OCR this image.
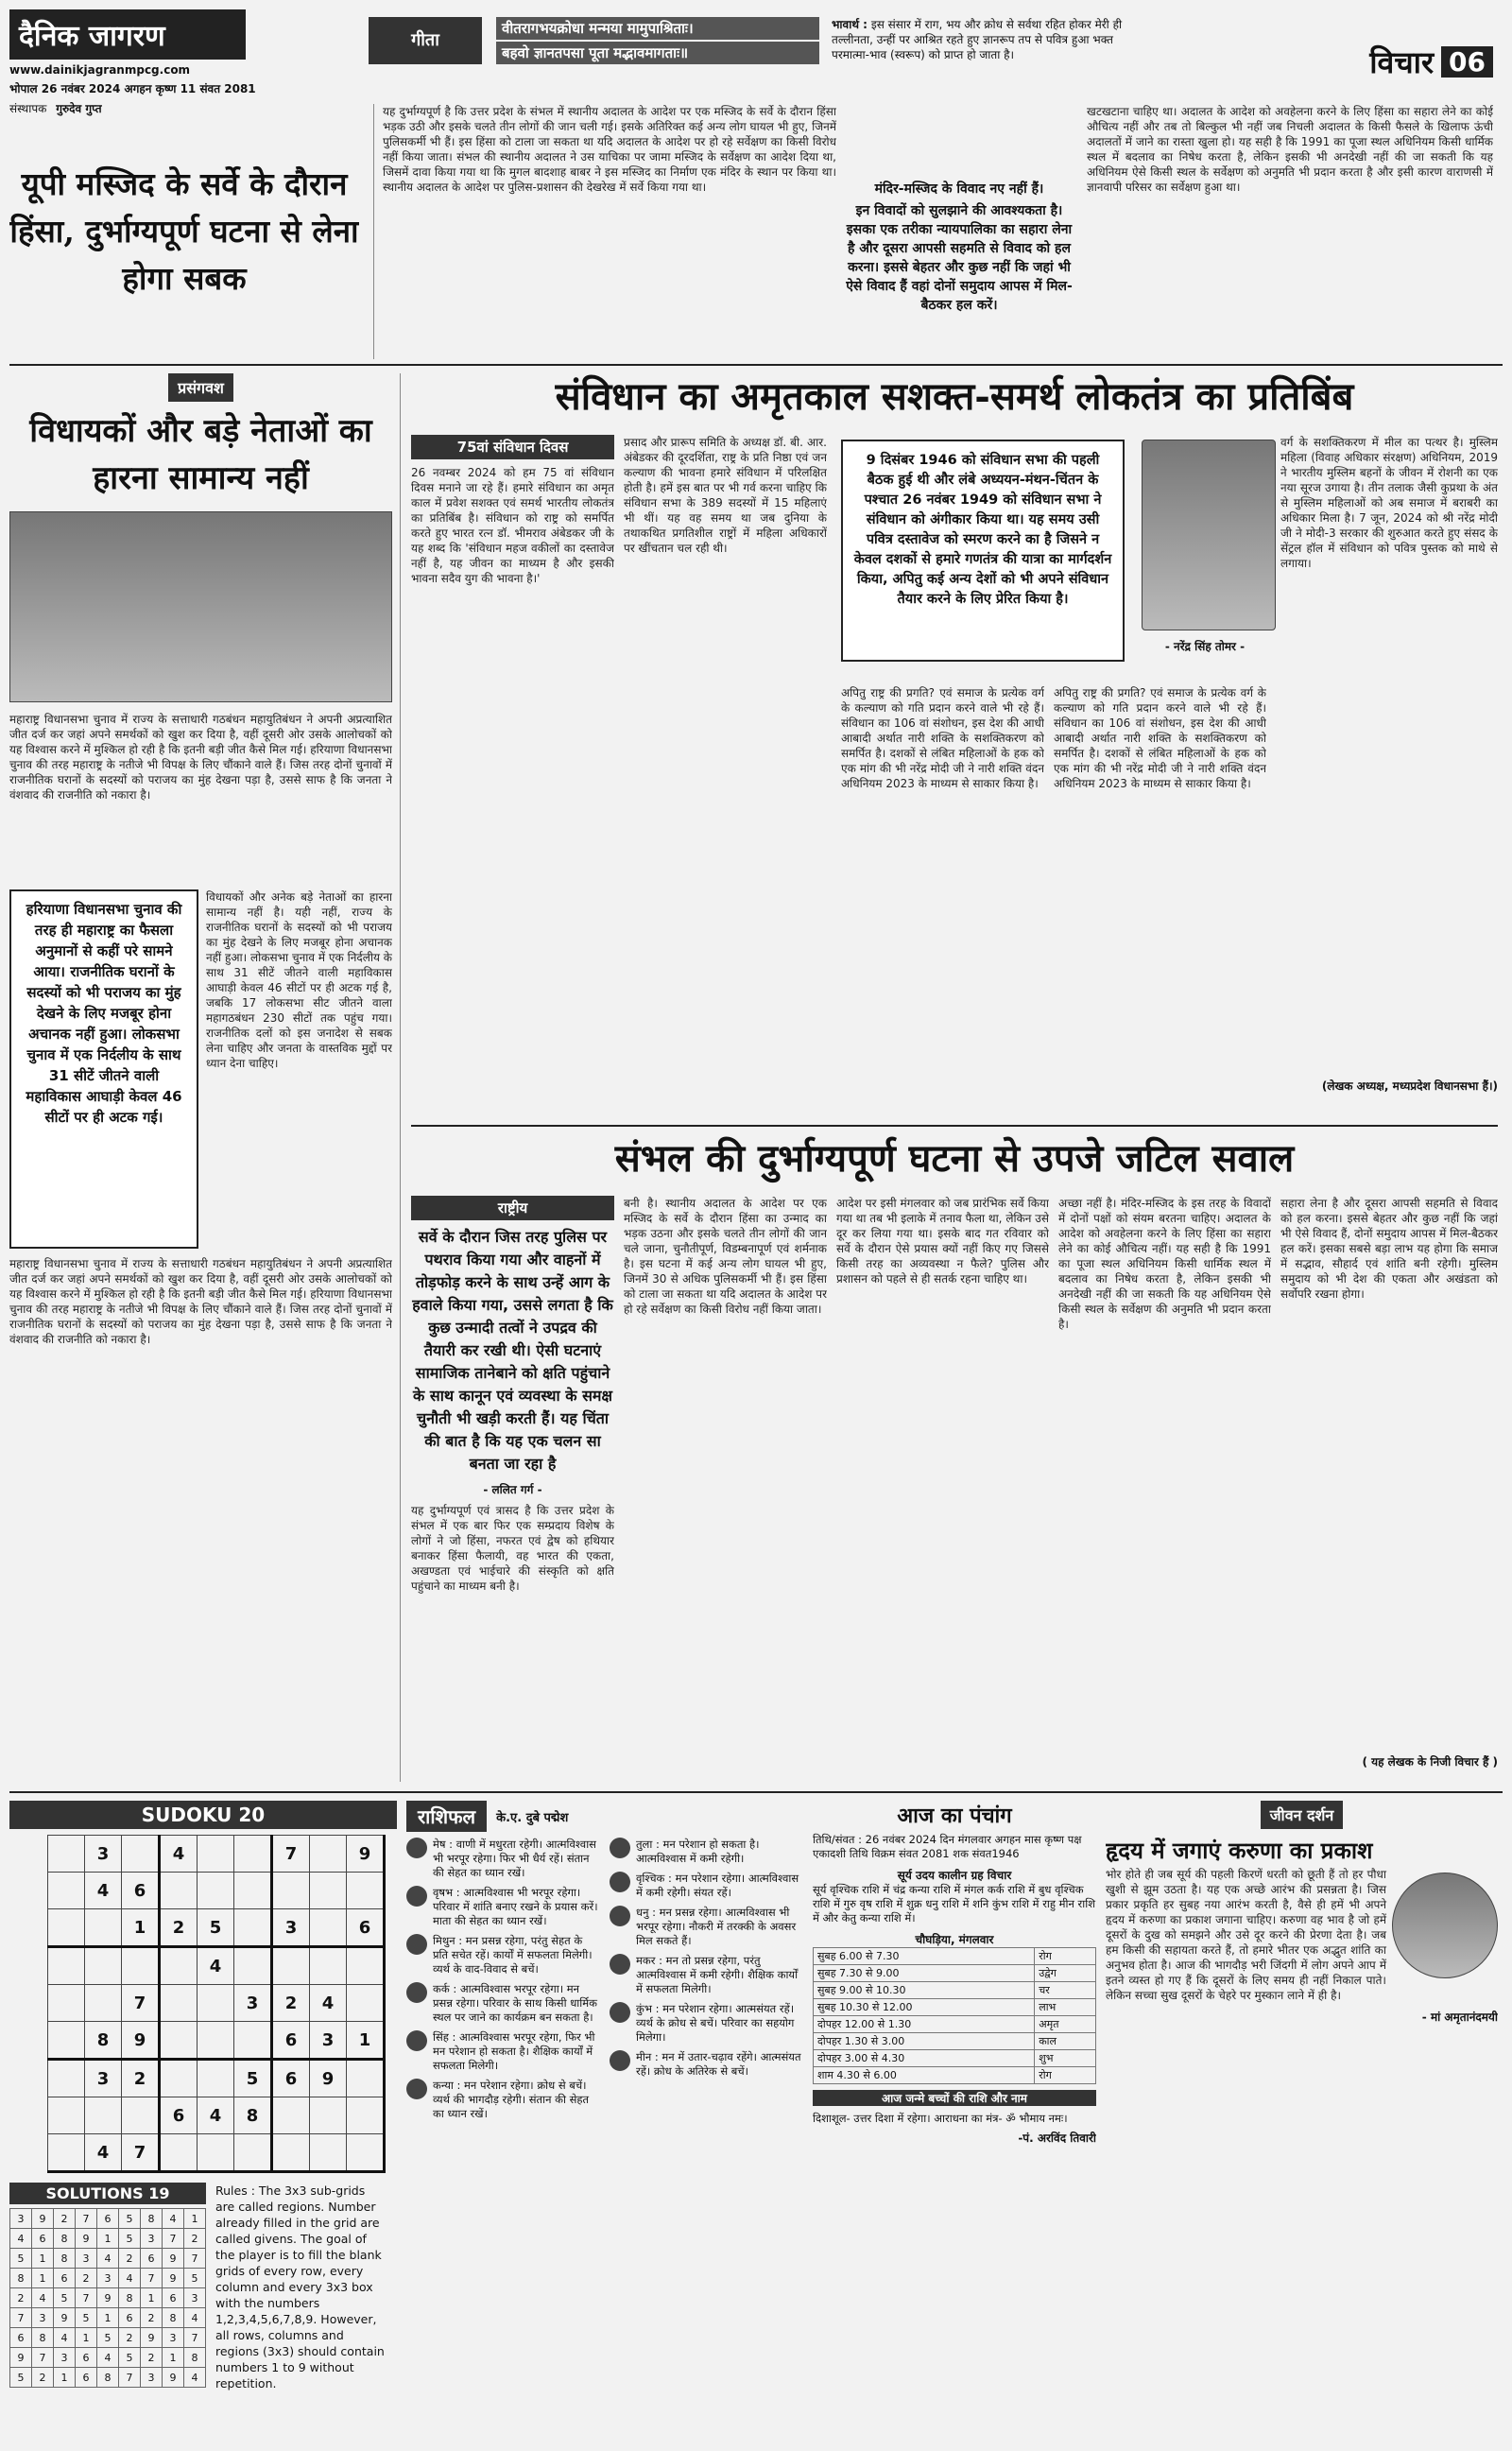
दैनिक जागरण
www.dainikjagranmpcg.com
भोपाल 26 नवंबर 2024 अगहन कृष्ण 11 संवत 2081
संस्थापक गुरुदेव गुप्त
गीता
वीतरागभयक्रोधा मन्मया मामुपाश्रिताः।
बहवो ज्ञानतपसा पूता मद्भावमागताः॥
भावार्थ : इस संसार में राग, भय और क्रोध से सर्वथा रहित होकर मेरी ही तल्लीनता, उन्हीं पर आश्रित रहते हुए ज्ञानरूप तप से पवित्र हुआ भक्त परमात्मा-भाव (स्वरूप) को प्राप्त हो जाता है।	विचार 06
यूपी मस्जिद के सर्वे के दौरान हिंसा, दुर्भाग्यपूर्ण घटना से लेना होगा सबक
यह दुर्भाग्यपूर्ण है कि उत्तर प्रदेश के संभल में स्थानीय अदालत के आदेश पर एक मस्जिद के सर्वे के दौरान हिंसा भड़क उठी और इसके चलते तीन लोगों की जान चली गई। इसके अतिरिक्त कई अन्य लोग घायल भी हुए, जिनमें पुलिसकर्मी भी हैं। इस हिंसा को टाला जा सकता था यदि अदालत के आदेश पर हो रहे सर्वेक्षण का किसी विरोध नहीं किया जाता। संभल की स्थानीय अदालत ने उस याचिका पर जामा मस्जिद के सर्वेक्षण का आदेश दिया था, जिसमें दावा किया गया था कि मुगल बादशाह बाबर ने इस मस्जिद का निर्माण एक मंदिर के स्थान पर किया था। स्थानीय अदालत के आदेश पर पुलिस-प्रशासन की देखरेख में सर्वे किया गया था।	मंदिर-मस्जिद के विवाद नए नहीं हैं।
इन विवादों को सुलझाने की आवश्यकता है। इसका एक तरीका न्यायपालिका का सहारा लेना है और दूसरा आपसी सहमति से विवाद को हल करना। इससे बेहतर और कुछ नहीं कि जहां भी ऐसे विवाद हैं वहां दोनों समुदाय आपस में मिल-बैठकर हल करें।
खटखटाना चाहिए था। अदालत के आदेश को अवहेलना करने के लिए हिंसा का सहारा लेने का कोई औचित्य नहीं और तब तो बिल्कुल भी नहीं जब निचली अदालत के किसी फैसले के खिलाफ ऊंची अदालतों में जाने का रास्ता खुला हो। यह सही है कि 1991 का पूजा स्थल अधिनियम किसी धार्मिक स्थल में बदलाव का निषेध करता है, लेकिन इसकी भी अनदेखी नहीं की जा सकती कि यह अधिनियम ऐसे किसी स्थल के सर्वेक्षण को अनुमति भी प्रदान करता है और इसी कारण वाराणसी में ज्ञानवापी परिसर का सर्वेक्षण हुआ था।
प्रसंगवश
विधायकों और बड़े नेताओं का हारना सामान्य नहीं
महाराष्ट्र विधानसभा चुनाव में राज्य के सत्ताधारी गठबंधन महायुतिबंधन ने अपनी अप्रत्याशित जीत दर्ज कर जहां अपने समर्थकों को खुश कर दिया है, वहीं दूसरी ओर उसके आलोचकों को यह विश्वास करने में मुश्किल हो रही है कि इतनी बड़ी जीत कैसे मिल गई। हरियाणा विधानसभा चुनाव की तरह महाराष्ट्र के नतीजे भी विपक्ष के लिए चौंकाने वाले हैं। जिस तरह दोनों चुनावों में राजनीतिक घरानों के सदस्यों को पराजय का मुंह देखना पड़ा है, उससे साफ है कि जनता ने वंशवाद की राजनीति को नकारा है।
हरियाणा विधानसभा चुनाव की तरह ही महाराष्ट्र का फैसला अनुमानों से कहीं परे सामने आया। राजनीतिक घरानों के सदस्यों को भी पराजय का मुंह देखने के लिए मजबूर होना अचानक नहीं हुआ। लोकसभा चुनाव में एक निर्दलीय के साथ 31 सीटें जीतने वाली महाविकास आघाड़ी केवल 46 सीटों पर ही अटक गई।
विधायकों और अनेक बड़े नेताओं का हारना सामान्य नहीं है। यही नहीं, राज्य के राजनीतिक घरानों के सदस्यों को भी पराजय का मुंह देखने के लिए मजबूर होना अचानक नहीं हुआ। लोकसभा चुनाव में एक निर्दलीय के साथ 31 सीटें जीतने वाली महाविकास आघाड़ी केवल 46 सीटों पर ही अटक गई है, जबकि 17 लोकसभा सीट जीतने वाला महागठबंधन 230 सीटों तक पहुंच गया। राजनीतिक दलों को इस जनादेश से सबक लेना चाहिए और जनता के वास्तविक मुद्दों पर ध्यान देना चाहिए।
महाराष्ट्र विधानसभा चुनाव में राज्य के सत्ताधारी गठबंधन महायुतिबंधन ने अपनी अप्रत्याशित जीत दर्ज कर जहां अपने समर्थकों को खुश कर दिया है, वहीं दूसरी ओर उसके आलोचकों को यह विश्वास करने में मुश्किल हो रही है कि इतनी बड़ी जीत कैसे मिल गई। हरियाणा विधानसभा चुनाव की तरह महाराष्ट्र के नतीजे भी विपक्ष के लिए चौंकाने वाले हैं। जिस तरह दोनों चुनावों में राजनीतिक घरानों के सदस्यों को पराजय का मुंह देखना पड़ा है, उससे साफ है कि जनता ने वंशवाद की राजनीति को नकारा है।
संविधान का अमृतकाल सशक्त-समर्थ लोकतंत्र का प्रतिबिंब
75वां संविधान दिवस
26 नवम्बर 2024 को हम 75 वां संविधान दिवस मनाने जा रहे हैं। हमारे संविधान का अमृत काल में प्रवेश सशक्त एवं समर्थ भारतीय लोकतंत्र का प्रतिबिंब है। संविधान को राष्ट्र को समर्पित करते हुए भारत रत्न डॉ. भीमराव अंबेडकर जी के यह शब्द कि 'संविधान महज वकीलों का दस्तावेज नहीं है, यह जीवन का माध्यम है और इसकी भावना सदैव युग की भावना है।'
प्रसाद और प्रारूप समिति के अध्यक्ष डॉ. बी. आर. अंबेडकर की दूरदर्शिता, राष्ट्र के प्रति निष्ठा एवं जन कल्याण की भावना हमारे संविधान में परिलक्षित होती है। हमें इस बात पर भी गर्व करना चाहिए कि संविधान सभा के 389 सदस्यों में 15 महिलाएं भी थीं। यह वह समय था जब दुनिया के तथाकथित प्रगतिशील राष्ट्रों में महिला अधिकारों पर खींचतान चल रही थी।
9 दिसंबर 1946 को संविधान सभा की पहली बैठक हुई थी और लंबे अध्ययन-मंथन-चिंतन के पश्चात 26 नवंबर 1949 को संविधान सभा ने संविधान को अंगीकार किया था। यह समय उसी पवित्र दस्तावेज को स्मरण करने का है जिसने न केवल दशकों से हमारे गणतंत्र की यात्रा का मार्गदर्शन किया, अपितु कई अन्य देशों को भी अपने संविधान तैयार करने के लिए प्रेरित किया है।
- नरेंद्र सिंह तोमर -
अपितु राष्ट्र की प्रगति? एवं समाज के प्रत्येक वर्ग के कल्याण को गति प्रदान करने वाले भी रहे हैं। संविधान का 106 वां संशोधन, इस देश की आधी आबादी अर्थात नारी शक्ति के सशक्तिकरण को समर्पित है। दशकों से लंबित महिलाओं के हक को एक मांग की भी नरेंद्र मोदी जी ने नारी शक्ति वंदन अधिनियम 2023 के माध्यम से साकार किया है।
अपितु राष्ट्र की प्रगति? एवं समाज के प्रत्येक वर्ग के कल्याण को गति प्रदान करने वाले भी रहे हैं। संविधान का 106 वां संशोधन, इस देश की आधी आबादी अर्थात नारी शक्ति के सशक्तिकरण को समर्पित है। दशकों से लंबित महिलाओं के हक को एक मांग की भी नरेंद्र मोदी जी ने नारी शक्ति वंदन अधिनियम 2023 के माध्यम से साकार किया है।
वर्ग के सशक्तिकरण में मील का पत्थर है। मुस्लिम महिला (विवाह अधिकार संरक्षण) अधिनियम, 2019 ने भारतीय मुस्लिम बहनों के जीवन में रोशनी का एक नया सूरज उगाया है। तीन तलाक जैसी कुप्रथा के अंत से मुस्लिम महिलाओं को अब समाज में बराबरी का अधिकार मिला है। 7 जून, 2024 को श्री नरेंद्र मोदी जी ने मोदी-3 सरकार की शुरुआत करते हुए संसद के सेंट्रल हॉल में संविधान को पवित्र पुस्तक को माथे से लगाया।
(लेखक अध्यक्ष, मध्यप्रदेश विधानसभा हैं।)
संभल की दुर्भाग्यपूर्ण घटना से उपजे जटिल सवाल
राष्ट्रीय
सर्वे के दौरान जिस तरह पुलिस पर पथराव किया गया और वाहनों में तोड़फोड़ करने के साथ उन्हें आग के हवाले किया गया, उससे लगता है कि कुछ उन्मादी तत्वों ने उपद्रव की तैयारी कर रखी थी। ऐसी घटनाएं सामाजिक तानेबाने को क्षति पहुंचाने के साथ कानून एवं व्यवस्था के समक्ष चुनौती भी खड़ी करती हैं। यह चिंता की बात है कि यह एक चलन सा बनता जा रहा है
- ललित गर्ग -
यह दुर्भाग्यपूर्ण एवं त्रासद है कि उत्तर प्रदेश के संभल में एक बार फिर एक सम्प्रदाय विशेष के लोगों ने जो हिंसा, नफरत एवं द्वेष को हथियार बनाकर हिंसा फैलायी, वह भारत की एकता, अखण्डता एवं भाईचारे की संस्कृति को क्षति पहुंचाने का माध्यम बनी है।
बनी है। स्थानीय अदालत के आदेश पर एक मस्जिद के सर्वे के दौरान हिंसा का उन्माद का भड़क उठना और इसके चलते तीन लोगों की जान चले जाना, चुनौतीपूर्ण, विडम्बनापूर्ण एवं शर्मनाक है। इस घटना में कई अन्य लोग घायल भी हुए, जिनमें 30 से अधिक पुलिसकर्मी भी हैं। इस हिंसा को टाला जा सकता था यदि अदालत के आदेश पर हो रहे सर्वेक्षण का किसी विरोध नहीं किया जाता।
आदेश पर इसी मंगलवार को जब प्रारंभिक सर्वे किया गया था तब भी इलाके में तनाव फैला था, लेकिन उसे दूर कर लिया गया था। इसके बाद गत रविवार को सर्वे के दौरान ऐसे प्रयास क्यों नहीं किए गए जिससे किसी तरह का अव्यवस्था न फैले? पुलिस और प्रशासन को पहले से ही सतर्क रहना चाहिए था।
अच्छा नहीं है। मंदिर-मस्जिद के इस तरह के विवादों में दोनों पक्षों को संयम बरतना चाहिए। अदालत के आदेश को अवहेलना करने के लिए हिंसा का सहारा लेने का कोई औचित्य नहीं। यह सही है कि 1991 का पूजा स्थल अधिनियम किसी धार्मिक स्थल में बदलाव का निषेध करता है, लेकिन इसकी भी अनदेखी नहीं की जा सकती कि यह अधिनियम ऐसे किसी स्थल के सर्वेक्षण की अनुमति भी प्रदान करता है।
सहारा लेना है और दूसरा आपसी सहमति से विवाद को हल करना। इससे बेहतर और कुछ नहीं कि जहां भी ऐसे विवाद हैं, दोनों समुदाय आपस में मिल-बैठकर हल करें। इसका सबसे बड़ा लाभ यह होगा कि समाज में सद्भाव, सौहार्द एवं शांति बनी रहेगी। मुस्लिम समुदाय को भी देश की एकता और अखंडता को सर्वोपरि रखना होगा।
( यह लेखक के निजी विचार हैं )
SUDOKU 20
	3		4			7		9
	4	6						
		1	2	5		3		6
				4				
		7			3	2	4	
	8	9				6	3	1
	3	2			5	6	9	
			6	4	8			
	4	7						
SOLUTIONS 19
3	9	2	7	6	5	8	4	1
4	6	8	9	1	5	3	7	2
5	1	8	3	4	2	6	9	7
8	1	6	2	3	4	7	9	5
2	4	5	7	9	8	1	6	3
7	3	9	5	1	6	2	8	4
6	8	4	1	5	2	9	3	7
9	7	3	6	4	5	2	1	8
5	2	1	6	8	7	3	9	4
Rules : The 3x3 sub-grids are called regions. Number already filled in the grid are called givens. The goal of the player is to fill the blank grids of every row, every column and every 3x3 box with the numbers 1,2,3,4,5,6,7,8,9. However, all rows, columns and regions (3x3) should contain numbers 1 to 9 without repetition.
राशिफल	के.ए. दुबे पद्मेश
मेष : वाणी में मधुरता रहेगी। आत्मविश्वास भी भरपूर रहेगा। फिर भी धैर्य रहें। संतान की सेहत का ध्यान रखें।
वृषभ : आत्मविश्वास भी भरपूर रहेगा। परिवार में शांति बनाए रखने के प्रयास करें। माता की सेहत का ध्यान रखें।
मिथुन : मन प्रसन्न रहेगा, परंतु सेहत के प्रति सचेत रहें। कार्यों में सफलता मिलेगी। व्यर्थ के वाद-विवाद से बचें।
कर्क : आत्मविश्वास भरपूर रहेगा। मन प्रसन्न रहेगा। परिवार के साथ किसी धार्मिक स्थल पर जाने का कार्यक्रम बन सकता है।
सिंह : आत्मविश्वास भरपूर रहेगा, फिर भी मन परेशान हो सकता है। शैक्षिक कार्यों में सफलता मिलेगी।
कन्या : मन परेशान रहेगा। क्रोध से बचें। व्यर्थ की भागदौड़ रहेगी। संतान की सेहत का ध्यान रखें।
तुला : मन परेशान हो सकता है। आत्मविश्वास में कमी रहेगी।
वृश्चिक : मन परेशान रहेगा। आत्मविश्वास में कमी रहेगी। संयत रहें।
धनु : मन प्रसन्न रहेगा। आत्मविश्वास भी भरपूर रहेगा। नौकरी में तरक्की के अवसर मिल सकते हैं।
मकर : मन तो प्रसन्न रहेगा, परंतु आत्मविश्वास में कमी रहेगी। शैक्षिक कार्यों में सफलता मिलेगी।
कुंभ : मन परेशान रहेगा। आत्मसंयत रहें। व्यर्थ के क्रोध से बचें। परिवार का सहयोग मिलेगा।
मीन : मन में उतार-चढ़ाव रहेंगे। आत्मसंयत रहें। क्रोध के अतिरेक से बचें।
आज का पंचांग
तिथि/संवत : 26 नवंबर 2024 दिन मंगलवार अगहन मास कृष्ण पक्ष एकादशी तिथि विक्रम संवत 2081 शक संवत1946
सूर्य उदय कालीन ग्रह विचार
सूर्य वृश्चिक राशि में चंद्र कन्या राशि में मंगल कर्क राशि में बुध वृश्चिक राशि में गुरु वृष राशि में शुक्र धनु राशि में शनि कुंभ राशि में राहु मीन राशि में और केतु कन्या राशि में।
चौघड़िया, मंगलवार
सुबह 6.00 से 7.30	रोग
सुबह 7.30 से 9.00	उद्वेग
सुबह 9.00 से 10.30	चर
सुबह 10.30 से 12.00	लाभ
दोपहर 12.00 से 1.30	अमृत
दोपहर 1.30 से 3.00	काल
दोपहर 3.00 से 4.30	शुभ
शाम 4.30 से 6.00	रोग
आज जन्मे बच्चों की राशि और नाम
दिशाशूल- उत्तर दिशा में रहेगा। आराधना का मंत्र- ॐ भौमाय नमः।
-पं. अरविंद तिवारी
जीवन दर्शन
हृदय में जगाएं करुणा का प्रकाश
भोर होते ही जब सूर्य की पहली किरणें धरती को छूती हैं तो हर पौधा खुशी से झूम उठता है। यह एक अच्छे आरंभ की प्रसन्नता है। जिस प्रकार प्रकृति हर सुबह नया आरंभ करती है, वैसे ही हमें भी अपने हृदय में करुणा का प्रकाश जगाना चाहिए। करुणा वह भाव है जो हमें दूसरों के दुख को समझने और उसे दूर करने की प्रेरणा देता है। जब हम किसी की सहायता करते हैं, तो हमारे भीतर एक अद्भुत शांति का अनुभव होता है। आज की भागदौड़ भरी जिंदगी में लोग अपने आप में इतने व्यस्त हो गए हैं कि दूसरों के लिए समय ही नहीं निकाल पाते। लेकिन सच्चा सुख दूसरों के चेहरे पर मुस्कान लाने में ही है।
- मां अमृतानंदमयी
